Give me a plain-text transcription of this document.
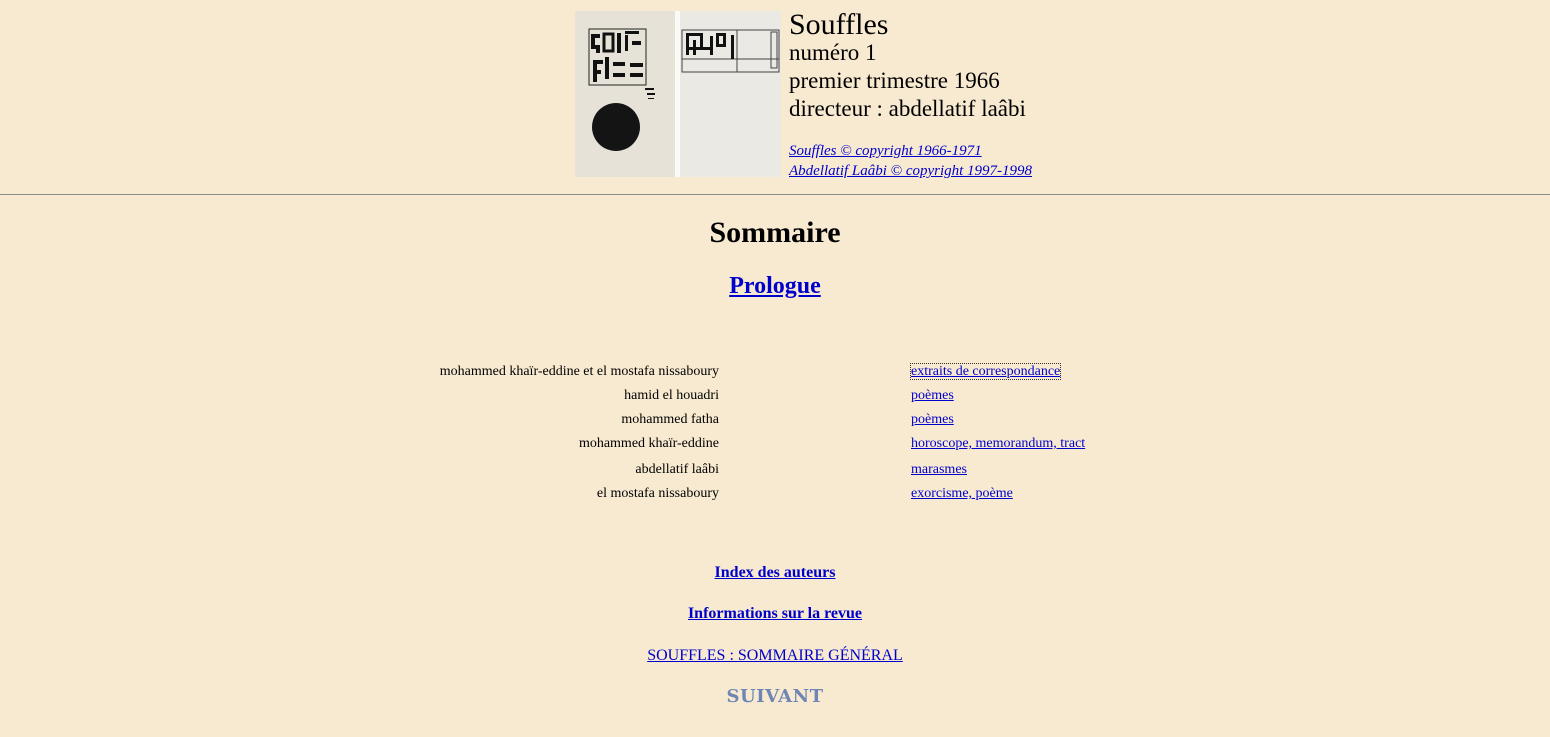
Souffles
numéro 1
premier trimestre 1966
directeur : abdellatif laâbi
Souffles © copyright 1966-1971
Abdellatif Laâbi © copyright 1997-1998
Sommaire
Prologue
mohammed khaïr-eddine et el mostafa nissaboury	extraits de correspondance
hamid el houadri	poèmes
mohammed fatha	poèmes
mohammed khaïr-eddine	horoscope, memorandum, tract
abdellatif laâbi	marasmes
el mostafa nissaboury	exorcisme, poème
Index des auteurs
Informations sur la revue
SOUFFLES : SOMMAIRE GÉNÉRAL
SUIVANT
